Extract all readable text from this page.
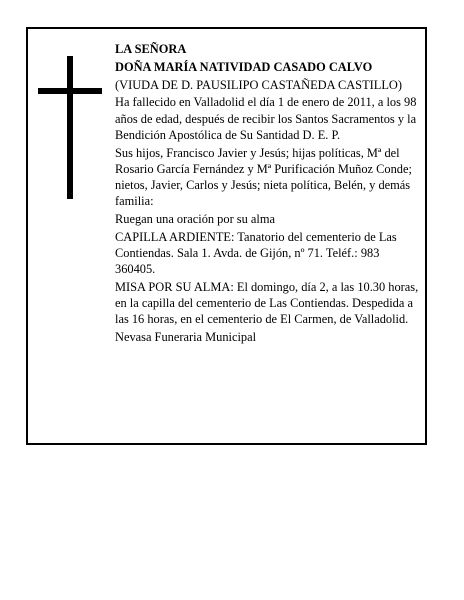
LA SEÑORA

DOÑA MARÍA NATIVIDAD CASADO CALVO

(VIUDA DE D. PAUSILIPO CASTAÑEDA CASTILLO)

Ha fallecido en Valladolid el día 1 de enero de 2011, a los 98 años de edad, después de recibir los Santos Sacramentos y la Bendición Apostólica de Su Santidad D. E. P.

Sus hijos, Francisco Javier y Jesús; hijas políticas, Mª del Rosario García Fernández y Mª Purificación Muñoz Conde; nietos, Javier, Carlos y Jesús; nieta política, Belén, y demás familia:

Ruegan una oración por su alma

CAPILLA ARDIENTE: Tanatorio del cementerio de Las Contiendas. Sala 1. Avda. de Gijón, nº 71. Teléf.: 983 360405.

MISA POR SU ALMA: El domingo, día 2, a las 10.30 horas, en la capilla del cementerio de Las Contiendas. Despedida a las 16 horas, en el cementerio de El Carmen, de Valladolid.

Nevasa Funeraria Municipal
